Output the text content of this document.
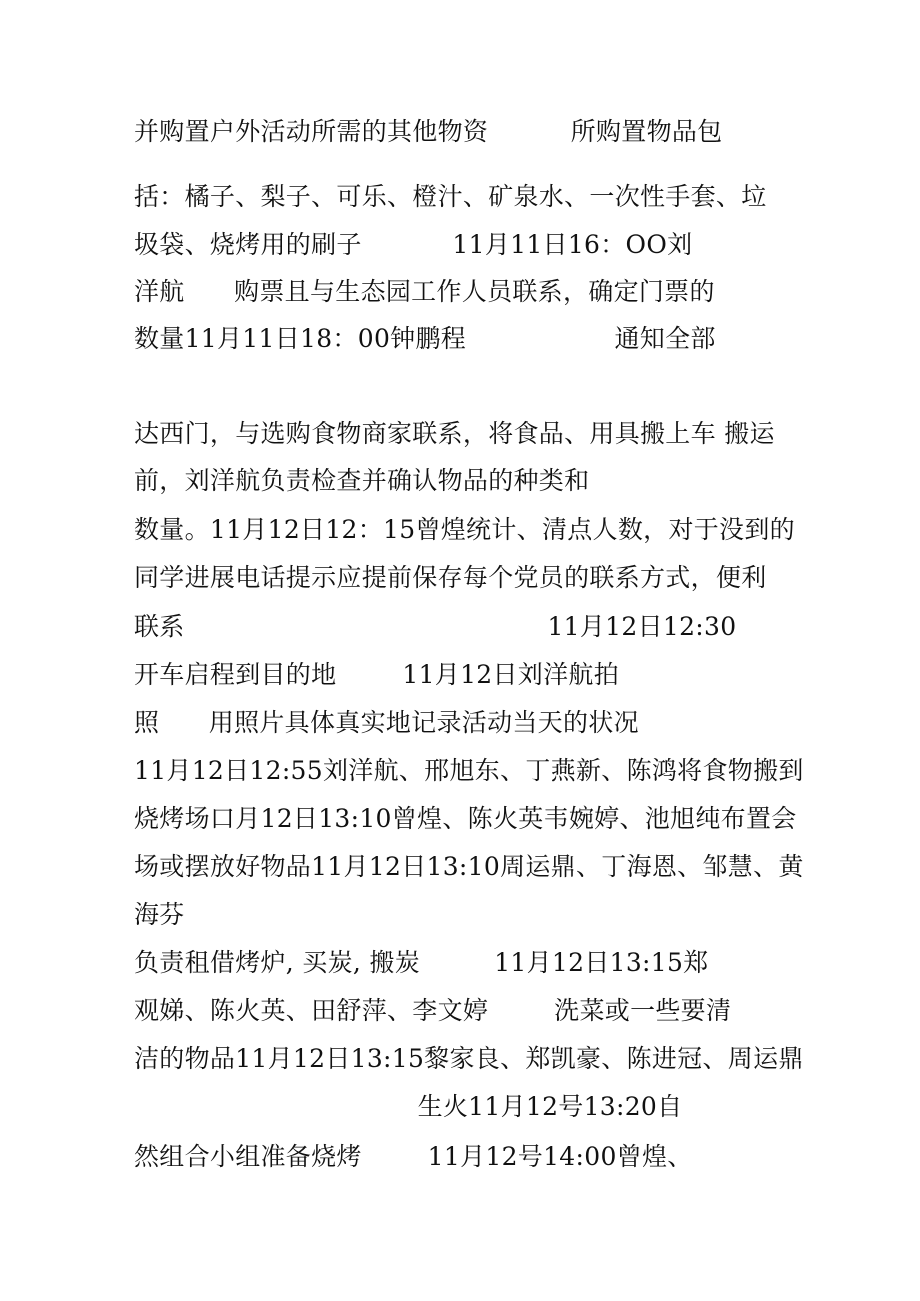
并购置户外活动所需的其他物资          所购置物品包
括：橘子、梨子、可乐、橙汁、矿泉水、一次性手套、垃
圾袋、烧烤用的刷子           11月11日16：OO刘
洋航      购票且与生态园工作人员联系，确定门票的
数量11月11日18：00钟鹏程                  通知全部
达西门，与选购食物商家联系，将食品、用具搬上车 搬运
前，刘洋航负责检查并确认物品的种类和
数量。11月12日12：15曾煌统计、清点人数，对于没到的
同学进展电话提示应提前保存每个党员的联系方式，便利
联系                                            11月12日12:30
开车启程到目的地        11月12日刘洋航拍
照      用照片具体真实地记录活动当天的状况
11月12日12:55刘洋航、邢旭东、丁燕新、陈鸿将食物搬到
烧烤场口月12日13:10曾煌、陈火英韦婉婷、池旭纯布置会
场或摆放好物品11月12日13:10周运鼎、丁海恩、邹慧、黄
海芬
负责租借烤炉, 买炭, 搬炭         11月12日13:15郑
观娣、陈火英、田舒萍、李文婷        洗菜或一些要清
洁的物品11月12日13:15黎家良、郑凯豪、陈进冠、周运鼎
生火11月12号13:20自
然组合小组准备烧烤        11月12号14:00曾煌、
